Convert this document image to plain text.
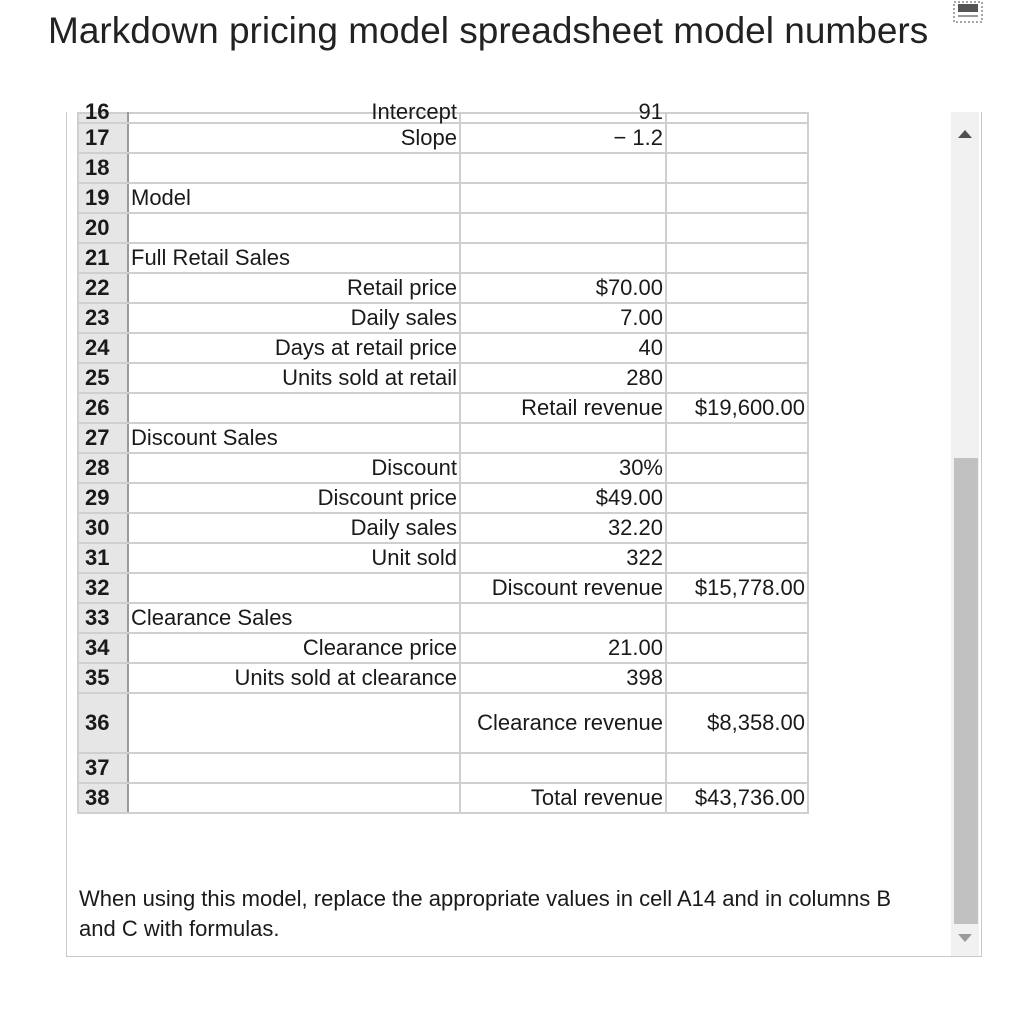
Markdown pricing model spreadsheet model numbers
16	Intercept	91	
17	Slope	− 1.2	
18			
19	Model		
20			
21	Full Retail Sales		
22	Retail price	$70.00	
23	Daily sales	7.00	
24	Days at retail price	40	
25	Units sold at retail	280	
26		Retail revenue	$19,600.00
27	Discount Sales		
28	Discount	30%	
29	Discount price	$49.00	
30	Daily sales	32.20	
31	Unit sold	322	
32		Discount revenue	$15,778.00
33	Clearance Sales		
34	Clearance price	21.00	
35	Units sold at clearance	398	
36		Clearance revenue	$8,358.00
37			
38		Total revenue	$43,736.00
When using this model, replace the appropriate values in cell A14 and in columns B and C with formulas.
